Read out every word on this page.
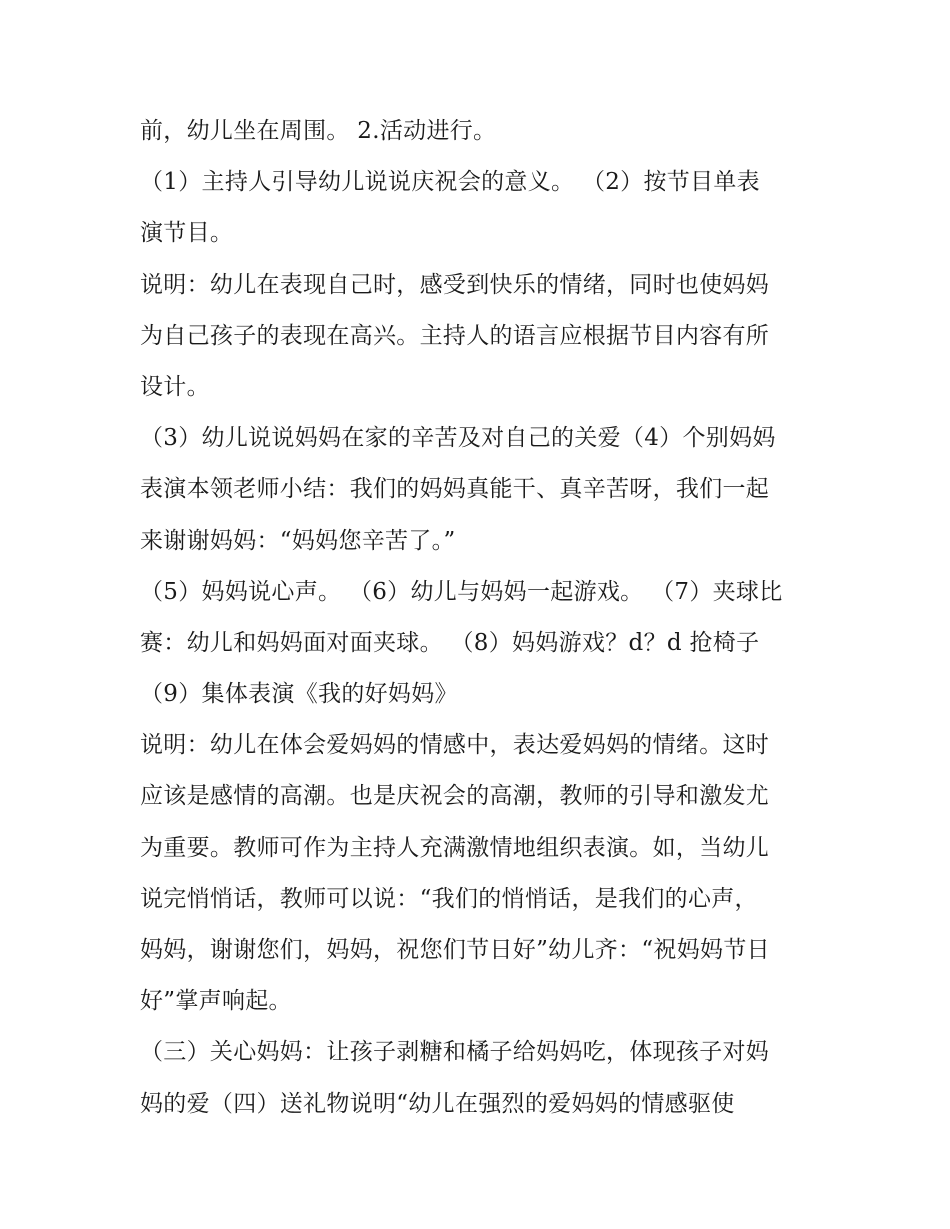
前，幼儿坐在周围。 2.活动进行。
（1）主持人引导幼儿说说庆祝会的意义。 （2）按节目单表
演节目。
说明：幼儿在表现自己时，感受到快乐的情绪，同时也使妈妈
为自己孩子的表现在高兴。主持人的语言应根据节目内容有所
设计。
（3）幼儿说说妈妈在家的辛苦及对自己的关爱（4）个别妈妈
表演本领老师小结：我们的妈妈真能干、真辛苦呀，我们一起
来谢谢妈妈：“妈妈您辛苦了。”
（5）妈妈说心声。 （6）幼儿与妈妈一起游戏。 （7）夹球比
赛：幼儿和妈妈面对面夹球。 （8）妈妈游戏？d？d 抢椅子
（9）集体表演《我的好妈妈》
说明：幼儿在体会爱妈妈的情感中，表达爱妈妈的情绪。这时
应该是感情的高潮。也是庆祝会的高潮，教师的引导和激发尤
为重要。教师可作为主持人充满激情地组织表演。如，当幼儿
说完悄悄话，教师可以说：“我们的悄悄话，是我们的心声，
妈妈，谢谢您们，妈妈，祝您们节日好”幼儿齐：“祝妈妈节日
好”掌声响起。
（三）关心妈妈：让孩子剥糖和橘子给妈妈吃，体现孩子对妈
妈的爱（四）送礼物说明“幼儿在强烈的爱妈妈的情感驱使
